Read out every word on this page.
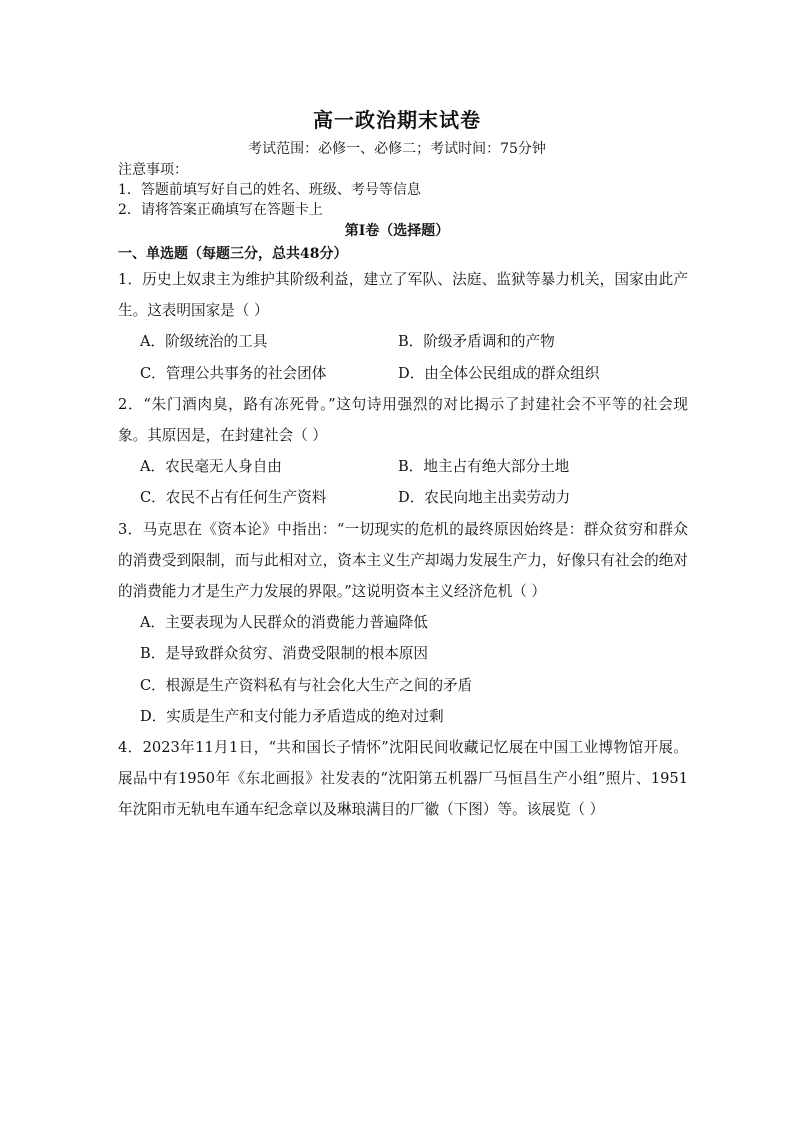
高一政治期末试卷
考试范围：必修一、必修二；考试时间：75分钟
注意事项：
1．答题前填写好自己的姓名、班级、考号等信息
2．请将答案正确填写在答题卡上
第I卷（选择题）
一、单选题（每题三分，总共48分）

1．历史上奴隶主为维护其阶级利益，建立了军队、法庭、监狱等暴力机关，国家由此产生。这表明国家是（ ）

A．阶级统治的工具	B．阶级矛盾调和的产物
C．管理公共事务的社会团体	D．由全体公民组成的群众组织

2．“朱门酒肉臭，路有冻死骨。”这句诗用强烈的对比揭示了封建社会不平等的社会现象。其原因是，在封建社会（ ）

A．农民毫无人身自由	B．地主占有绝大部分土地
C．农民不占有任何生产资料	D．农民向地主出卖劳动力

3．马克思在《资本论》中指出：“一切现实的危机的最终原因始终是：群众贫穷和群众的消费受到限制，而与此相对立，资本主义生产却竭力发展生产力，好像只有社会的绝对的消费能力才是生产力发展的界限。”这说明资本主义经济危机（ ）

A．主要表现为人民群众的消费能力普遍降低
B．是导致群众贫穷、消费受限制的根本原因
C．根源是生产资料私有与社会化大生产之间的矛盾
D．实质是生产和支付能力矛盾造成的绝对过剩

4．2023年11月1日，“共和国长子情怀”沈阳民间收藏记忆展在中国工业博物馆开展。展品中有1950年《东北画报》社发表的“沈阳第五机器厂马恒昌生产小组”照片、1951年沈阳市无轨电车通车纪念章以及琳琅满目的厂徽（下图）等。该展览（ ）
